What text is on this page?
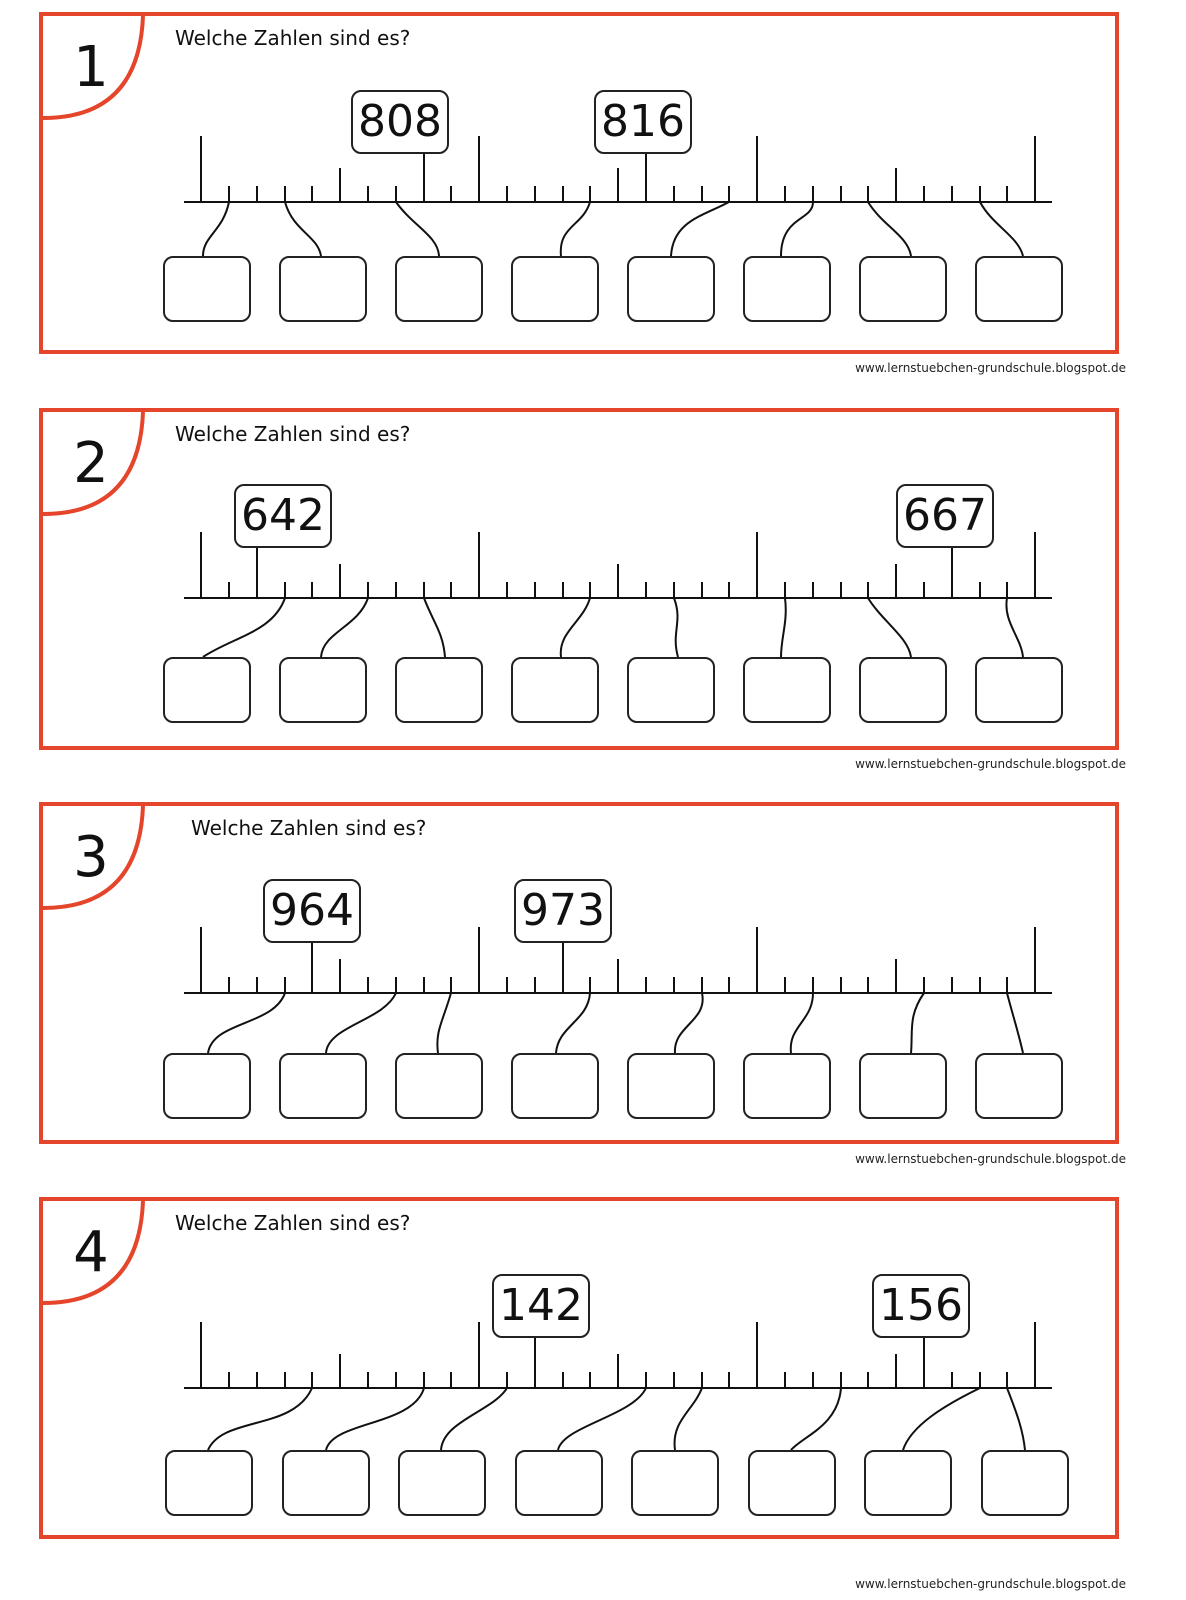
1	Welche Zahlen sind es?
808	816
www.lernstuebchen-grundschule.blogspot.de
2	Welche Zahlen sind es?
642	667
www.lernstuebchen-grundschule.blogspot.de
3	Welche Zahlen sind es?
964	973
www.lernstuebchen-grundschule.blogspot.de
4	Welche Zahlen sind es?
142	156
www.lernstuebchen-grundschule.blogspot.de
